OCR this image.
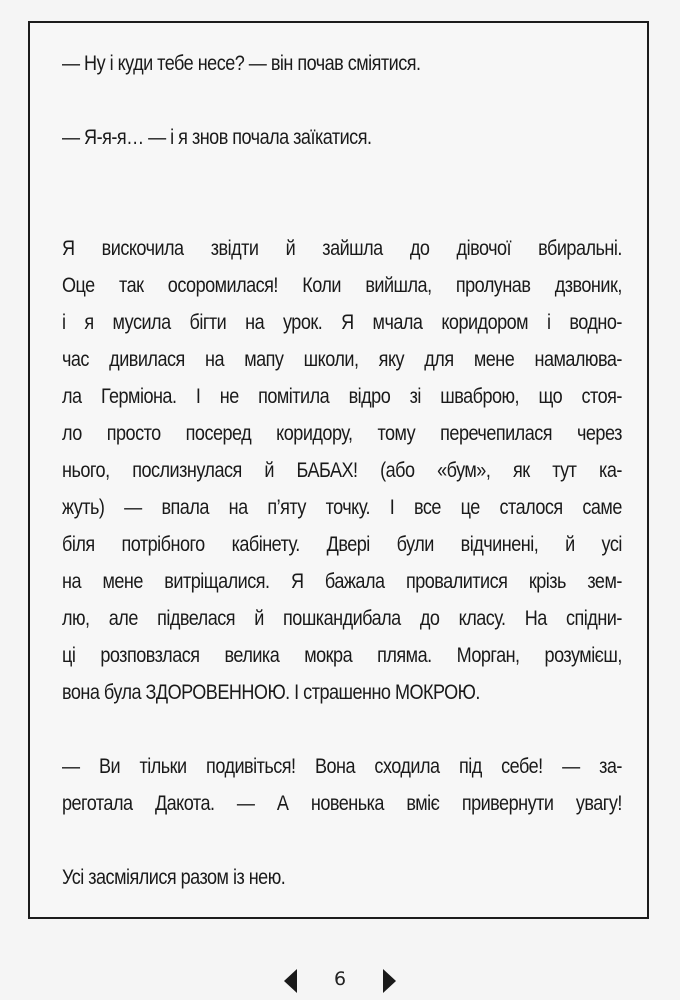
— Ну і куди тебе несе? — він почав сміятися.
— Я-я-я… — і я знов почала заїкатися.
Я вискочила звідти й зайшла до дівочої вбиральні.
Оце так осоромилася! Коли вийшла, пролунав дзвоник,
і я мусила бігти на урок. Я мчала коридором і водно-
час дивилася на мапу школи, яку для мене намалюва-
ла Герміона. І не помітила відро зі шваброю, що стоя-
ло просто посеред коридору, тому перечепилася через
нього, послизнулася й БАБАХ! (або «бум», як тут ка-
жуть) — впала на п’яту точку. І все це сталося саме
біля потрібного кабінету. Двері були відчинені, й усі
на мене витріщалися. Я бажала провалитися крізь зем-
лю, але підвелася й пошкандибала до класу. На спідни-
ці розповзлася велика мокра пляма. Морган, розумієш,
вона була ЗДОРОВЕННОЮ. І страшенно МОКРОЮ.
— Ви тільки подивіться! Вона сходила під себе! — за-
реготала Дакота. — А новенька вміє привернути увагу!
Усі засміялися разом із нею.
6
